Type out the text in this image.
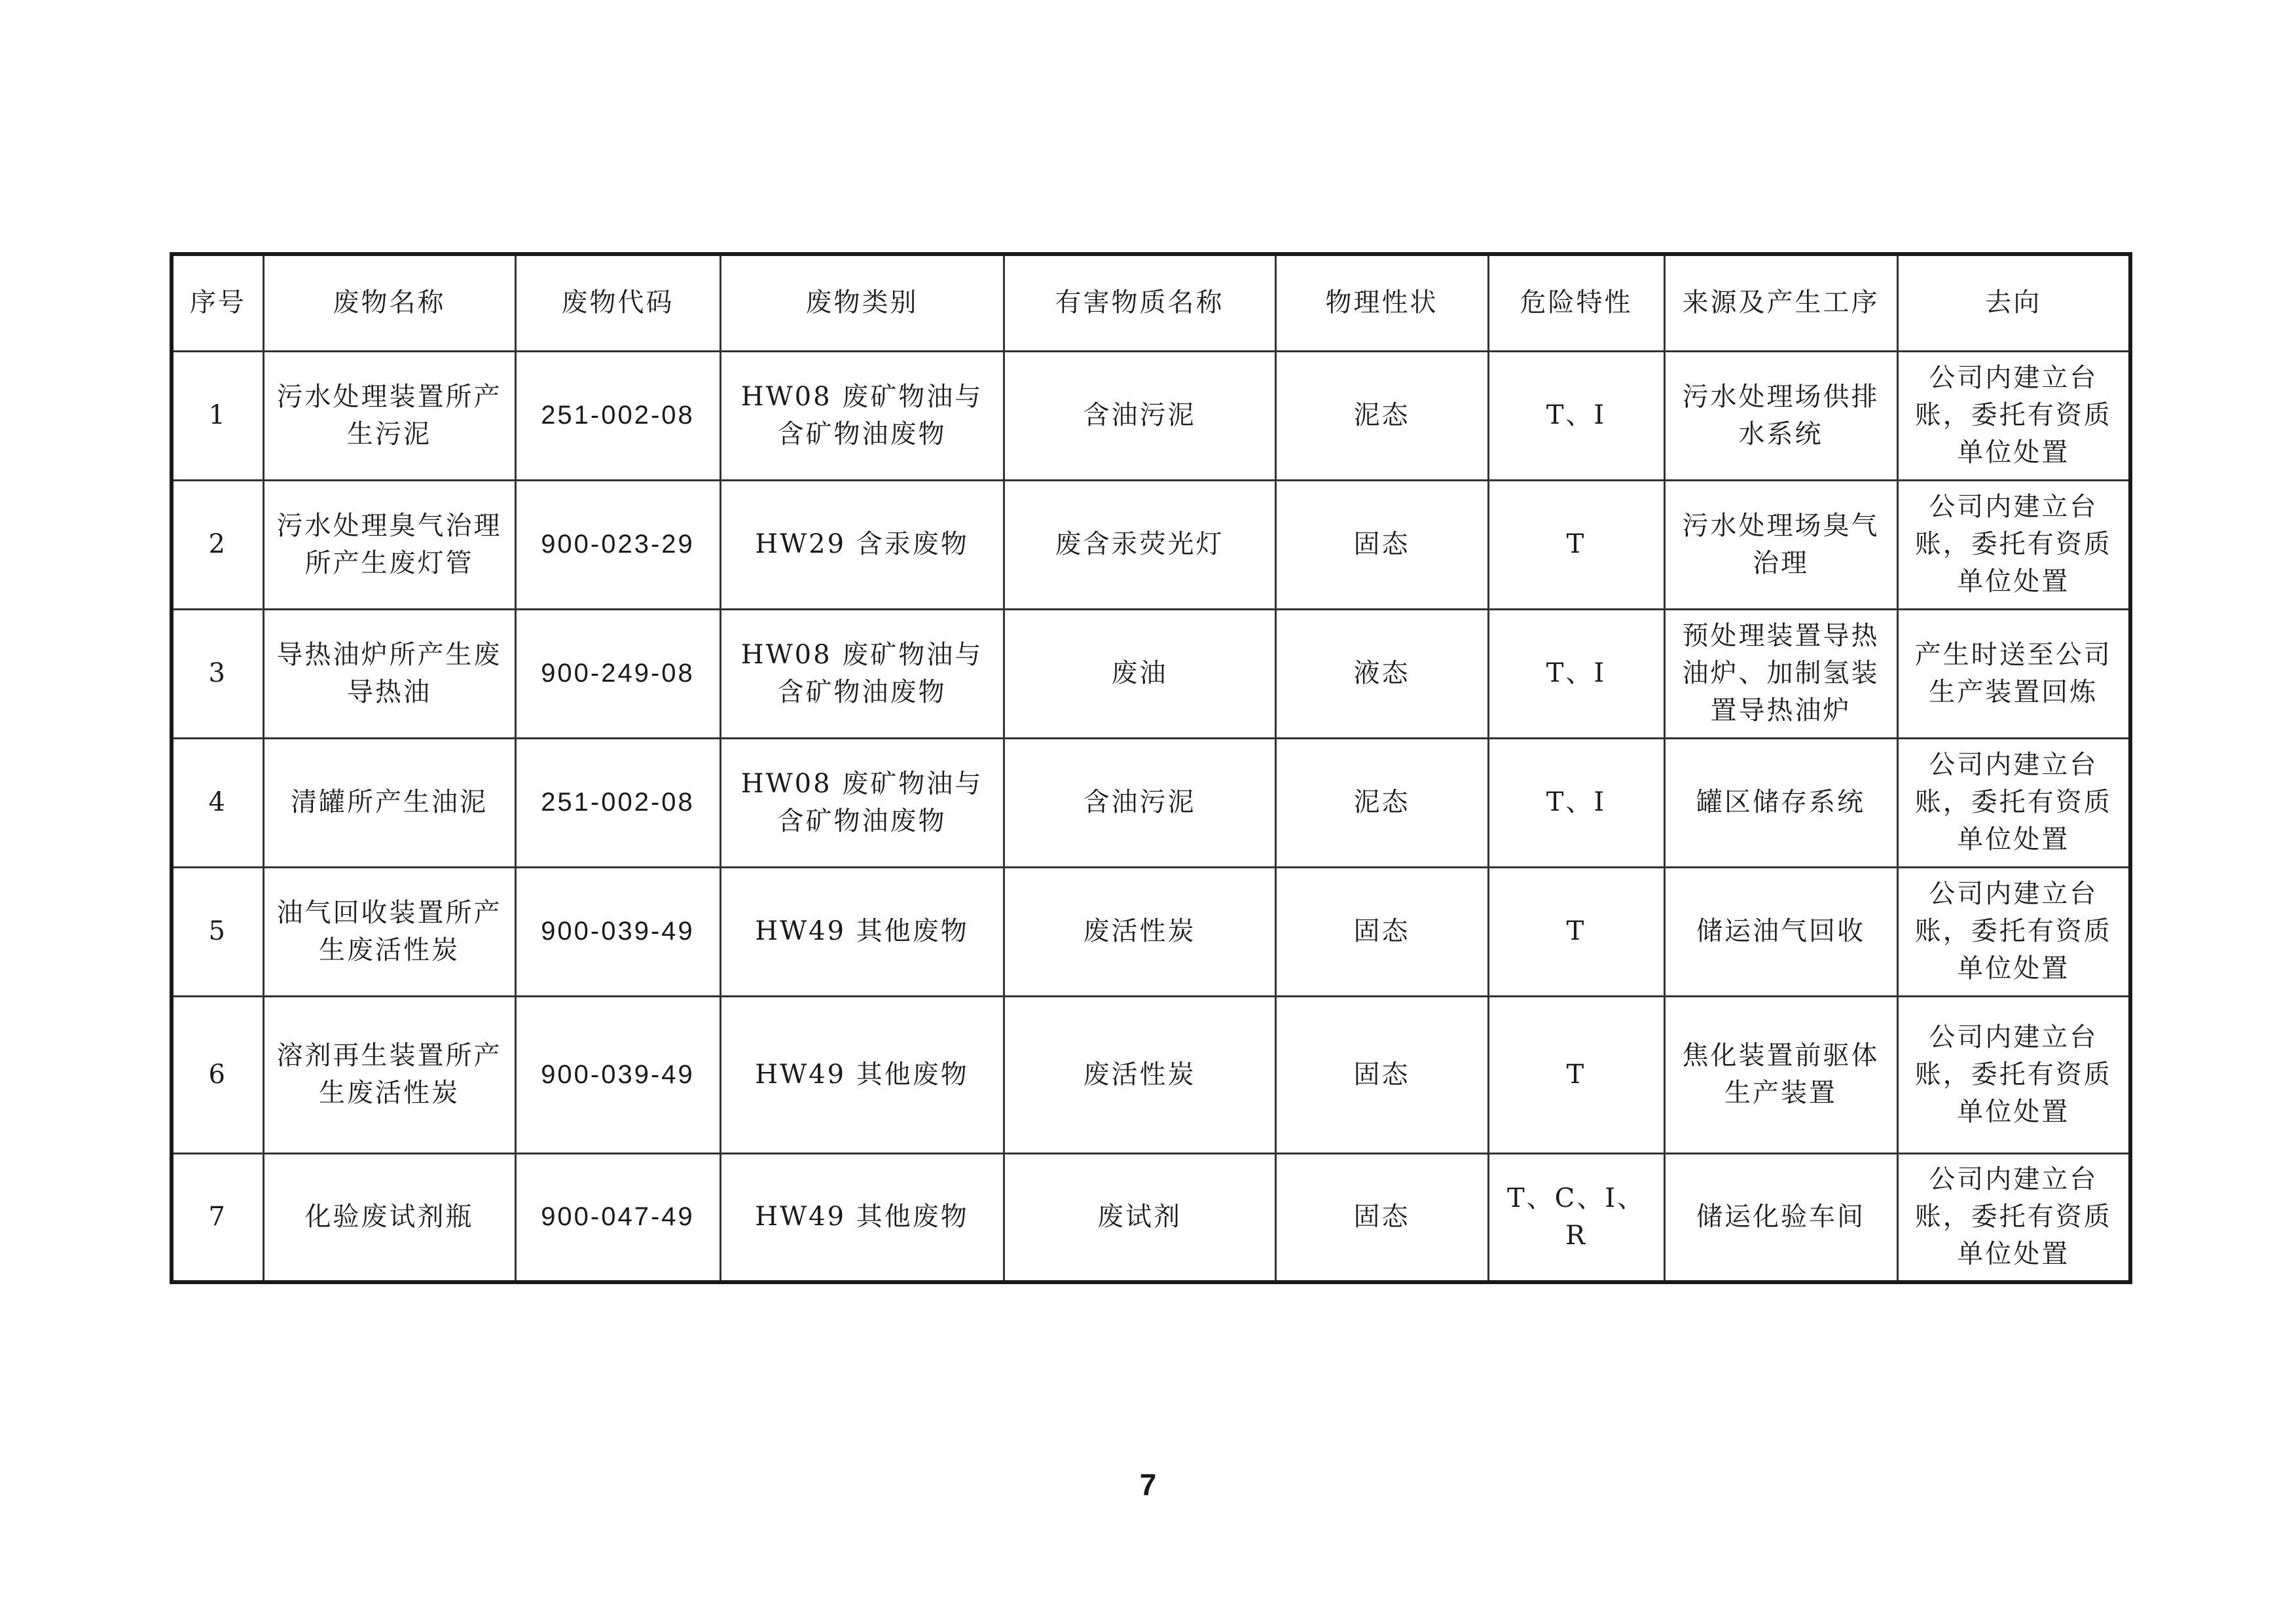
序号	废物名称	废物代码	废物类别	有害物质名称	物理性状	危险特性	来源及产生工序	去向
1	污水处理装置所产生污泥	251-002-08	HW08 废矿物油与含矿物油废物	含油污泥	泥态	T、I	污水处理场供排水系统	公司内建立台账，委托有资质单位处置
2	污水处理臭气治理所产生废灯管	900-023-29	HW29 含汞废物	废含汞荧光灯	固态	T	污水处理场臭气治理	公司内建立台账，委托有资质单位处置
3	导热油炉所产生废导热油	900-249-08	HW08 废矿物油与含矿物油废物	废油	液态	T、I	预处理装置导热油炉、加制氢装置导热油炉	产生时送至公司生产装置回炼
4	清罐所产生油泥	251-002-08	HW08 废矿物油与含矿物油废物	含油污泥	泥态	T、I	罐区储存系统	公司内建立台账，委托有资质单位处置
5	油气回收装置所产生废活性炭	900-039-49	HW49 其他废物	废活性炭	固态	T	储运油气回收	公司内建立台账，委托有资质单位处置
6	溶剂再生装置所产生废活性炭	900-039-49	HW49 其他废物	废活性炭	固态	T	焦化装置前驱体生产装置	公司内建立台账，委托有资质单位处置
7	化验废试剂瓶	900-047-49	HW49 其他废物	废试剂	固态	T、C、I、R	储运化验车间	公司内建立台账，委托有资质单位处置
7
